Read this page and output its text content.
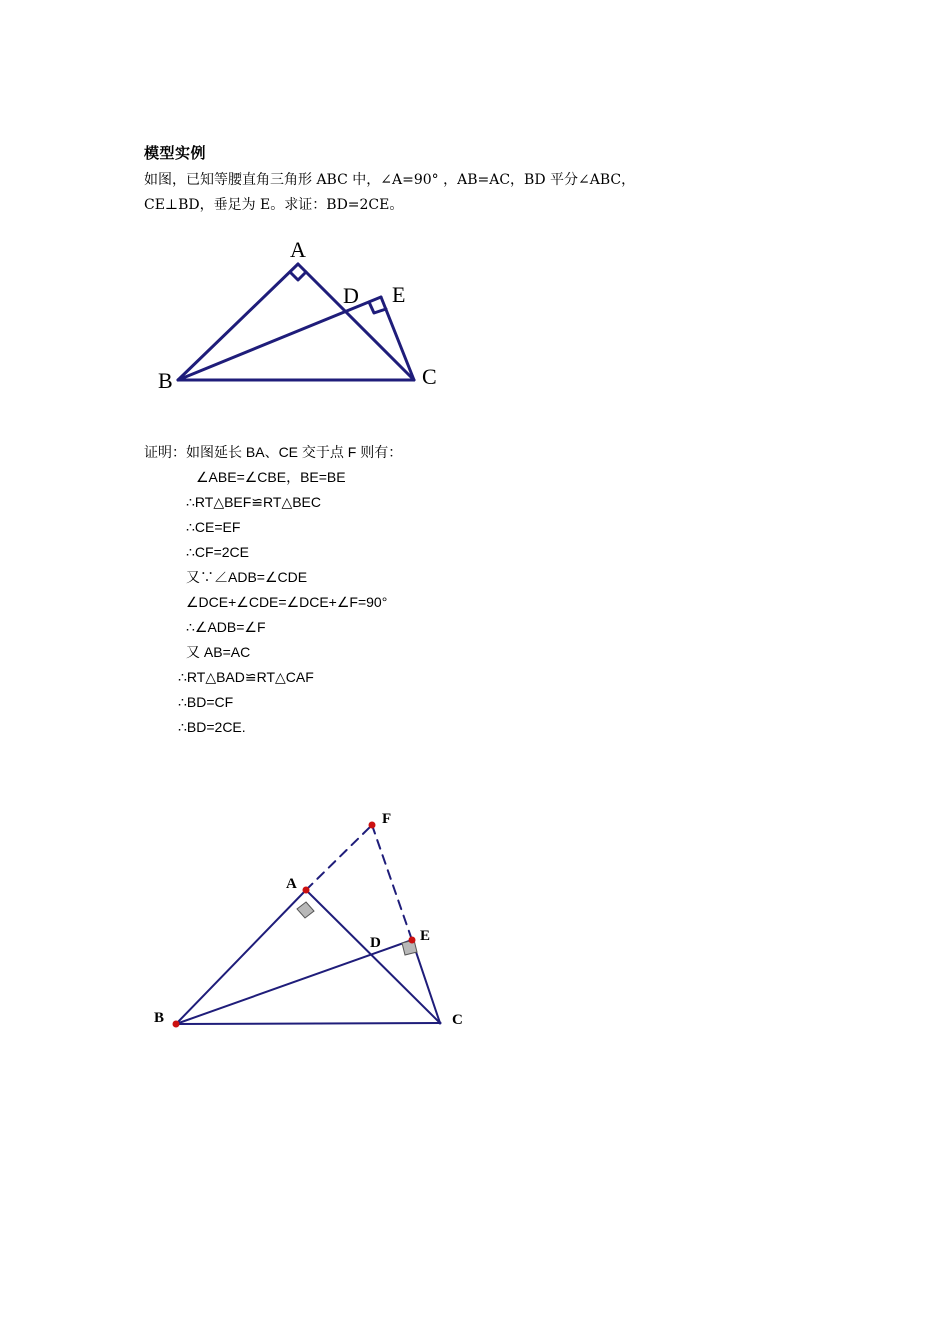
模型实例
如图，已知等腰直角三角形 ABC 中，∠A=90° ，AB=AC，BD 平分∠ABC，
CE⊥BD，垂足为 E。求证：BD=2CE。
A
B	C
D E
证明：如图延长 BA、CE 交于点 F 则有：
∠ABE=∠CBE，BE=BE
∴RT△BEF≌RT△BEC
∴CE=EF
∴CF=2CE
又∵∠ADB=∠CDE
∠DCE+∠CDE=∠DCE+∠F=90°
∴∠ADB=∠F
又 AB=AC
∴RT△BAD≌RT△CAF
∴BD=CF
∴BD=2CE.
A
B	C
D	E
F
